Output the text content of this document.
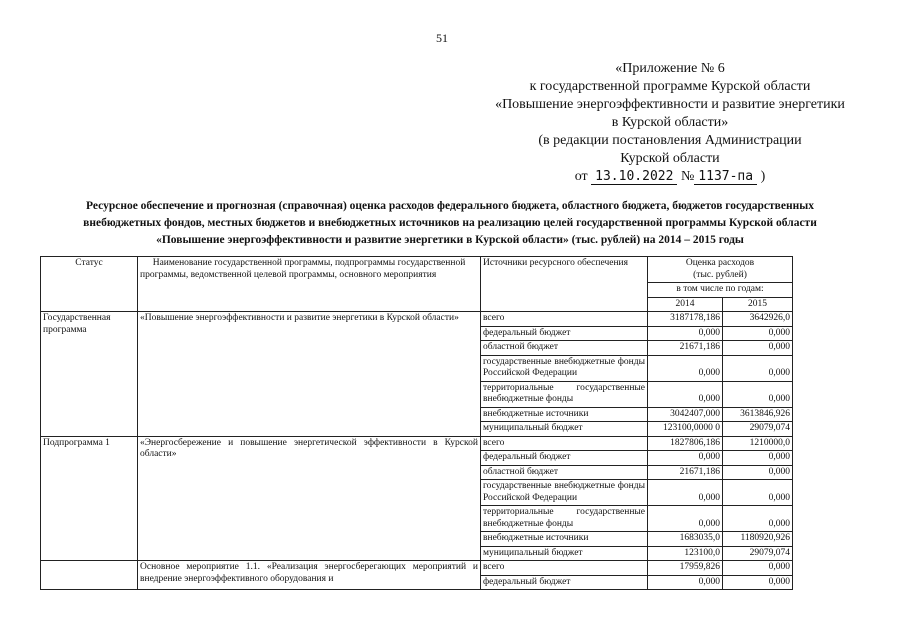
51
«Приложение № 6
к государственной программе Курской области
«Повышение энергоэффективности и развитие энергетики
в Курской области»
(в редакции постановления Администрации
Курской области
от 13.10.2022 № 1137-па )
Ресурсное обеспечение и прогнозная (справочная) оценка расходов федерального бюджета, областного бюджета, бюджетов государственных
внебюджетных фондов, местных бюджетов и внебюджетных источников на реализацию целей государственной программы Курской области
«Повышение энергоэффективности и развитие энергетики в Курской области» (тыс. рублей) на 2014 – 2015 годы
Статус	Наименование государственной программы, подпрограммы государственной программы, ведомственной целевой программы, основного мероприятия	Источники ресурсного обеспечения	Оценка расходов
(тыс. рублей)	

			в том числе по годам:	
			2014	2015
Государственная программа	«Повышение энергоэффективности и развитие энергетики в Курской области»	всего	3187178,186	3642926,0
		федеральный бюджет	0,000	0,000
		областной бюджет	21671,186	0,000
		государственные внебюджетные фонды Российской Федерации	0,000	0,000
		территориальные государственные внебюджетные фонды	0,000	0,000
		внебюджетные источники	3042407,000	3613846,926
		муниципальный бюджет	123100,0000 0	29079,074
Подпрограмма 1	«Энергосбережение и повышение энергетической эффективности в Курской области»	всего	1827806,186	1210000,0
		федеральный бюджет	0,000	0,000
		областной бюджет	21671,186	0,000
		государственные внебюджетные фонды Российской Федерации	0,000	0,000
		территориальные государственные внебюджетные фонды	0,000	0,000
		внебюджетные источники	1683035,0	1180920,926
		муниципальный бюджет	123100,0	29079,074
	Основное мероприятие 1.1. «Реализация энергосберегающих мероприятий и внедрение энергоэффективного оборудования и	всего	17959,826	0,000
		федеральный бюджет	0,000	0,000
